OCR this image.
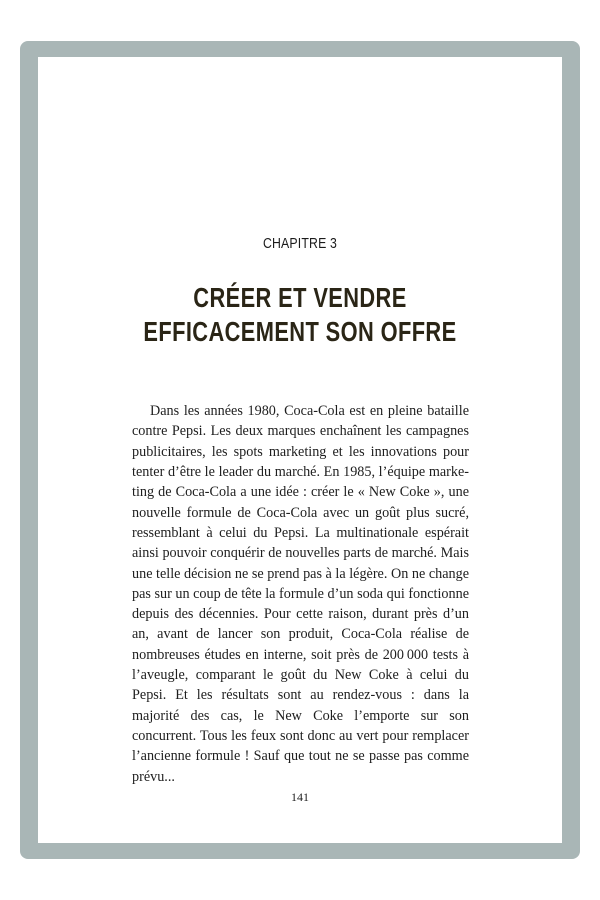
CHAPITRE 3
CRÉER ET VENDRE
EFFICACEMENT SON OFFRE

Dans les années 1980, Coca-Cola est en pleine bataille contre Pepsi. Les deux marques enchaînent les campagnes publicitaires, les spots marketing et les innovations pour tenter d’être le leader du marché. En 1985, l’équipe marketing de Coca-Cola a une idée : créer le « New Coke », une nouvelle formule de Coca-Cola avec un goût plus sucré, ressemblant à celui du Pepsi. La multinationale espérait ainsi pouvoir conquérir de nouvelles parts de marché. Mais une telle décision ne se prend pas à la légère. On ne change pas sur un coup de tête la formule d’un soda qui fonctionne depuis des décennies. Pour cette raison, durant près d’un an, avant de lancer son produit, Coca-Cola réalise de nombreuses études en interne, soit près de 200 000 tests à l’aveugle, comparant le goût du New Coke à celui du Pepsi. Et les résultats sont au rendez-vous : dans la majorité des cas, le New Coke l’emporte sur son concurrent. Tous les feux sont donc au vert pour remplacer l’ancienne formule ! Sauf que tout ne se passe pas comme prévu...

141
